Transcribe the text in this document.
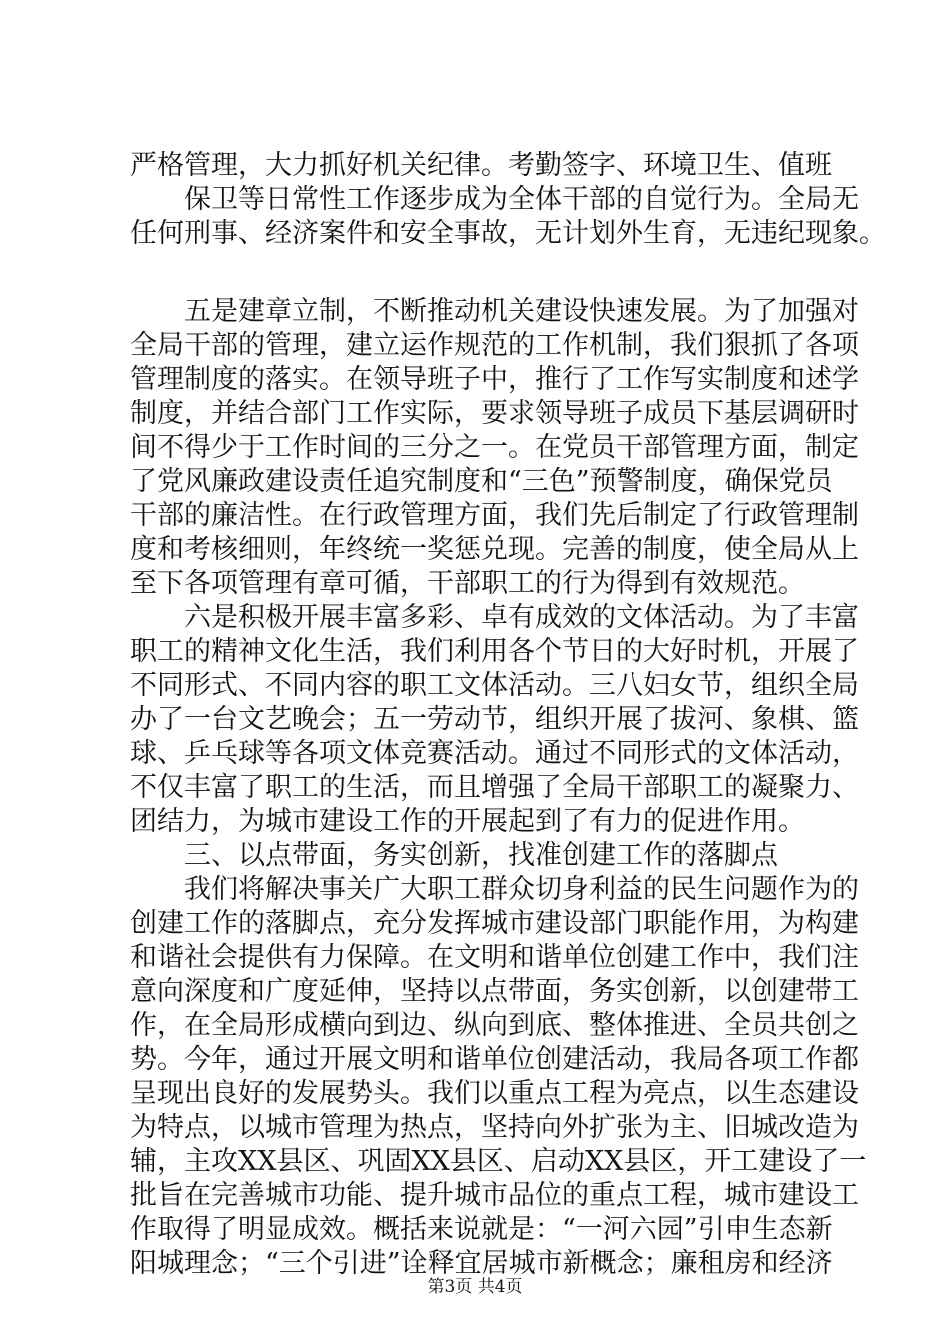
严格管理，大力抓好机关纪律。考勤签字、环境卫生、值班
保卫等日常性工作逐步成为全体干部的自觉行为。全局无
任何刑事、经济案件和安全事故，无计划外生育，无违纪现象。
五是建章立制，不断推动机关建设快速发展。为了加强对
全局干部的管理，建立运作规范的工作机制，我们狠抓了各项
管理制度的落实。在领导班子中，推行了工作写实制度和述学
制度，并结合部门工作实际，要求领导班子成员下基层调研时
间不得少于工作时间的三分之一。在党员干部管理方面，制定
了党风廉政建设责任追究制度和“三色”预警制度，确保党员
干部的廉洁性。在行政管理方面，我们先后制定了行政管理制
度和考核细则，年终统一奖惩兑现。完善的制度，使全局从上
至下各项管理有章可循，干部职工的行为得到有效规范。
六是积极开展丰富多彩、卓有成效的文体活动。为了丰富
职工的精神文化生活，我们利用各个节日的大好时机，开展了
不同形式、不同内容的职工文体活动。三八妇女节，组织全局
办了一台文艺晚会；五一劳动节，组织开展了拔河、象棋、篮
球、乒乓球等各项文体竞赛活动。通过不同形式的文体活动，
不仅丰富了职工的生活，而且增强了全局干部职工的凝聚力、
团结力，为城市建设工作的开展起到了有力的促进作用。
三、以点带面，务实创新，找准创建工作的落脚点
我们将解决事关广大职工群众切身利益的民生问题作为的
创建工作的落脚点，充分发挥城市建设部门职能作用，为构建
和谐社会提供有力保障。在文明和谐单位创建工作中，我们注
意向深度和广度延伸，坚持以点带面，务实创新，以创建带工
作，在全局形成横向到边、纵向到底、整体推进、全员共创之
势。今年，通过开展文明和谐单位创建活动，我局各项工作都
呈现出良好的发展势头。我们以重点工程为亮点，以生态建设
为特点，以城市管理为热点，坚持向外扩张为主、旧城改造为
辅，主攻XX县区、巩固XX县区、启动XX县区，开工建设了一
批旨在完善城市功能、提升城市品位的重点工程，城市建设工
作取得了明显成效。概括来说就是：“一河六园”引申生态新
阳城理念；“三个引进”诠释宜居城市新概念；廉租房和经济
第3页 共4页
